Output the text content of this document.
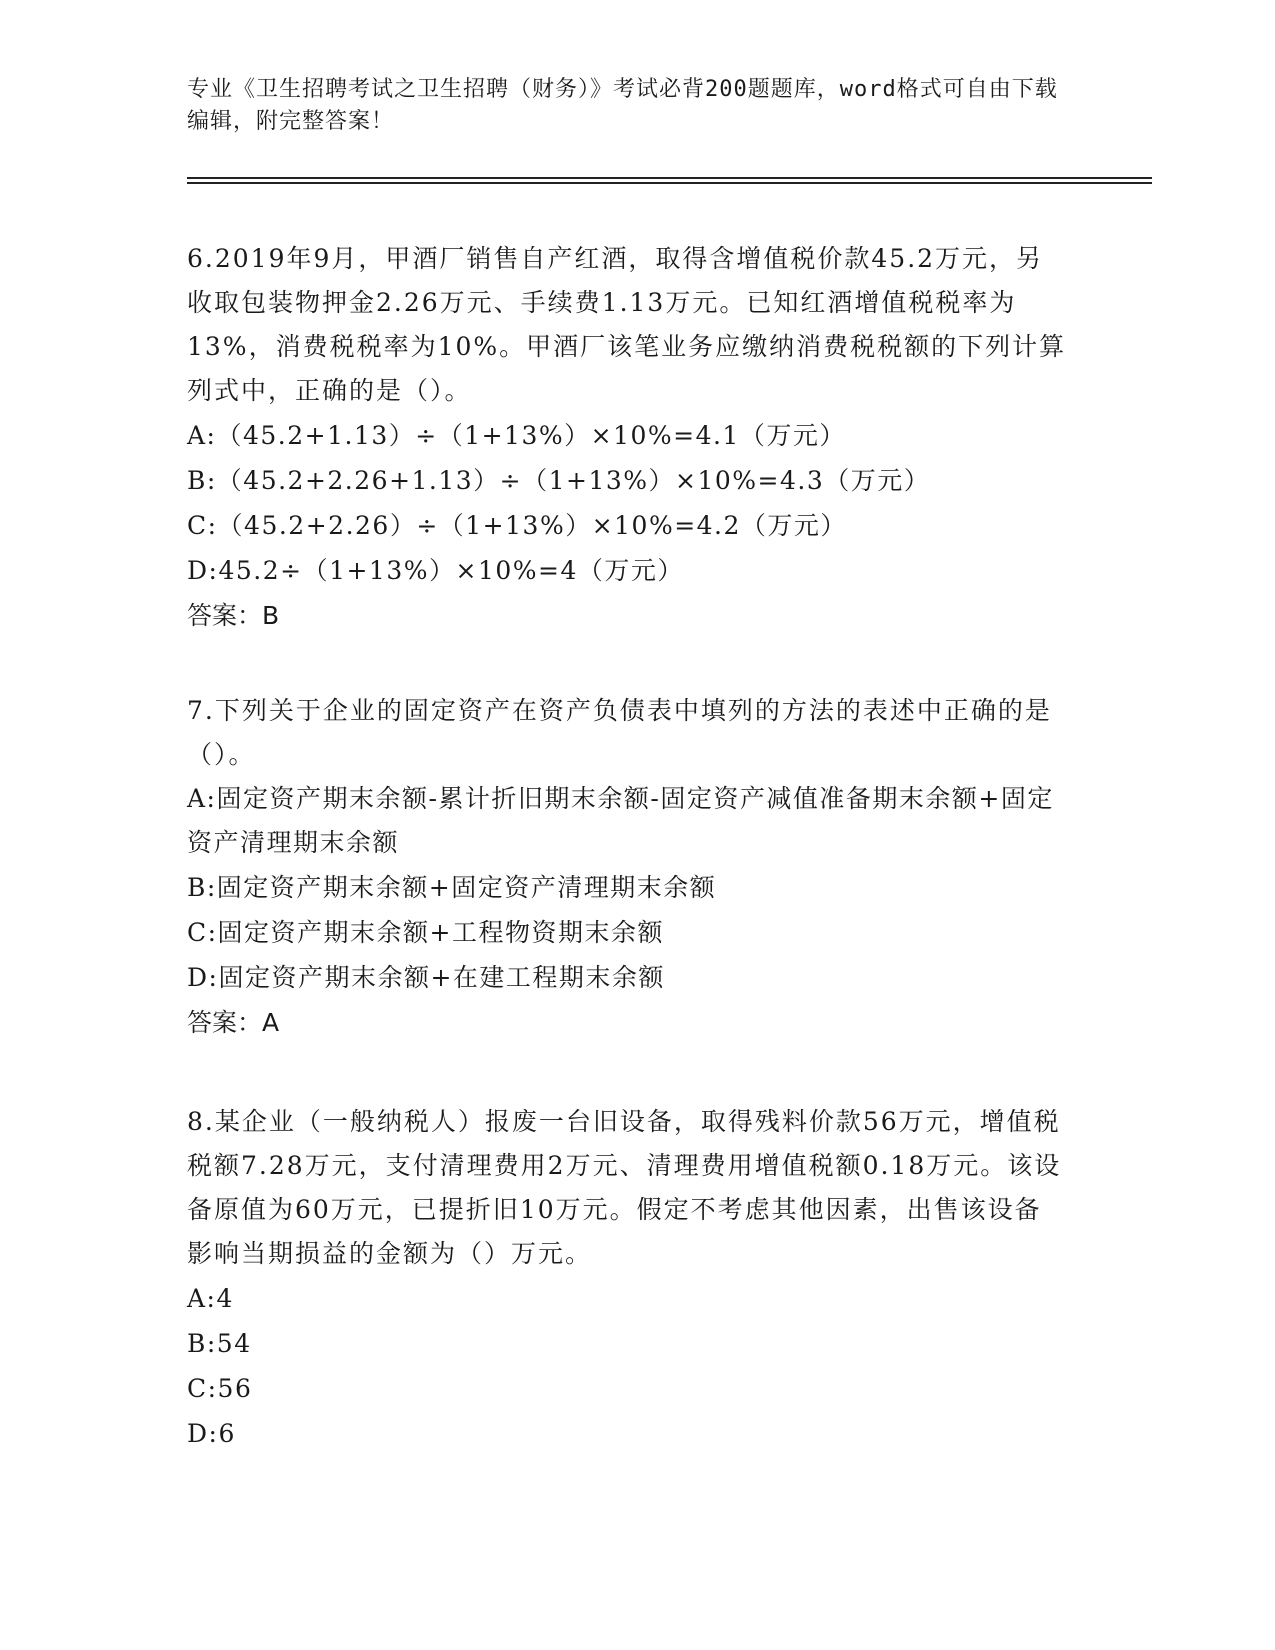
专业《卫生招聘考试之卫生招聘（财务）》考试必背200题题库，word格式可自由下载编辑，附完整答案！

6.2019年9月，甲酒厂销售自产红酒，取得含增值税价款45.2万元，另收取包装物押金2.26万元、手续费1.13万元。已知红酒增值税税率为13%，消费税税率为10%。甲酒厂该笔业务应缴纳消费税税额的下列计算列式中，正确的是（）。

A:（45.2+1.13）÷（1+13%）×10%=4.1（万元）

B:（45.2+2.26+1.13）÷（1+13%）×10%=4.3（万元）

C:（45.2+2.26）÷（1+13%）×10%=4.2（万元）

D:45.2÷（1+13%）×10%=4（万元）

答案：B

7.下列关于企业的固定资产在资产负债表中填列的方法的表述中正确的是（）。

A:固定资产期末余额-累计折旧期末余额-固定资产减值准备期末余额+固定资产清理期末余额

B:固定资产期末余额+固定资产清理期末余额

C:固定资产期末余额+工程物资期末余额

D:固定资产期末余额+在建工程期末余额

答案：A

8.某企业（一般纳税人）报废一台旧设备，取得残料价款56万元，增值税税额7.28万元，支付清理费用2万元、清理费用增值税额0.18万元。该设备原值为60万元，已提折旧10万元。假定不考虑其他因素，出售该设备影响当期损益的金额为（）万元。

A:4

B:54

C:56

D:6
